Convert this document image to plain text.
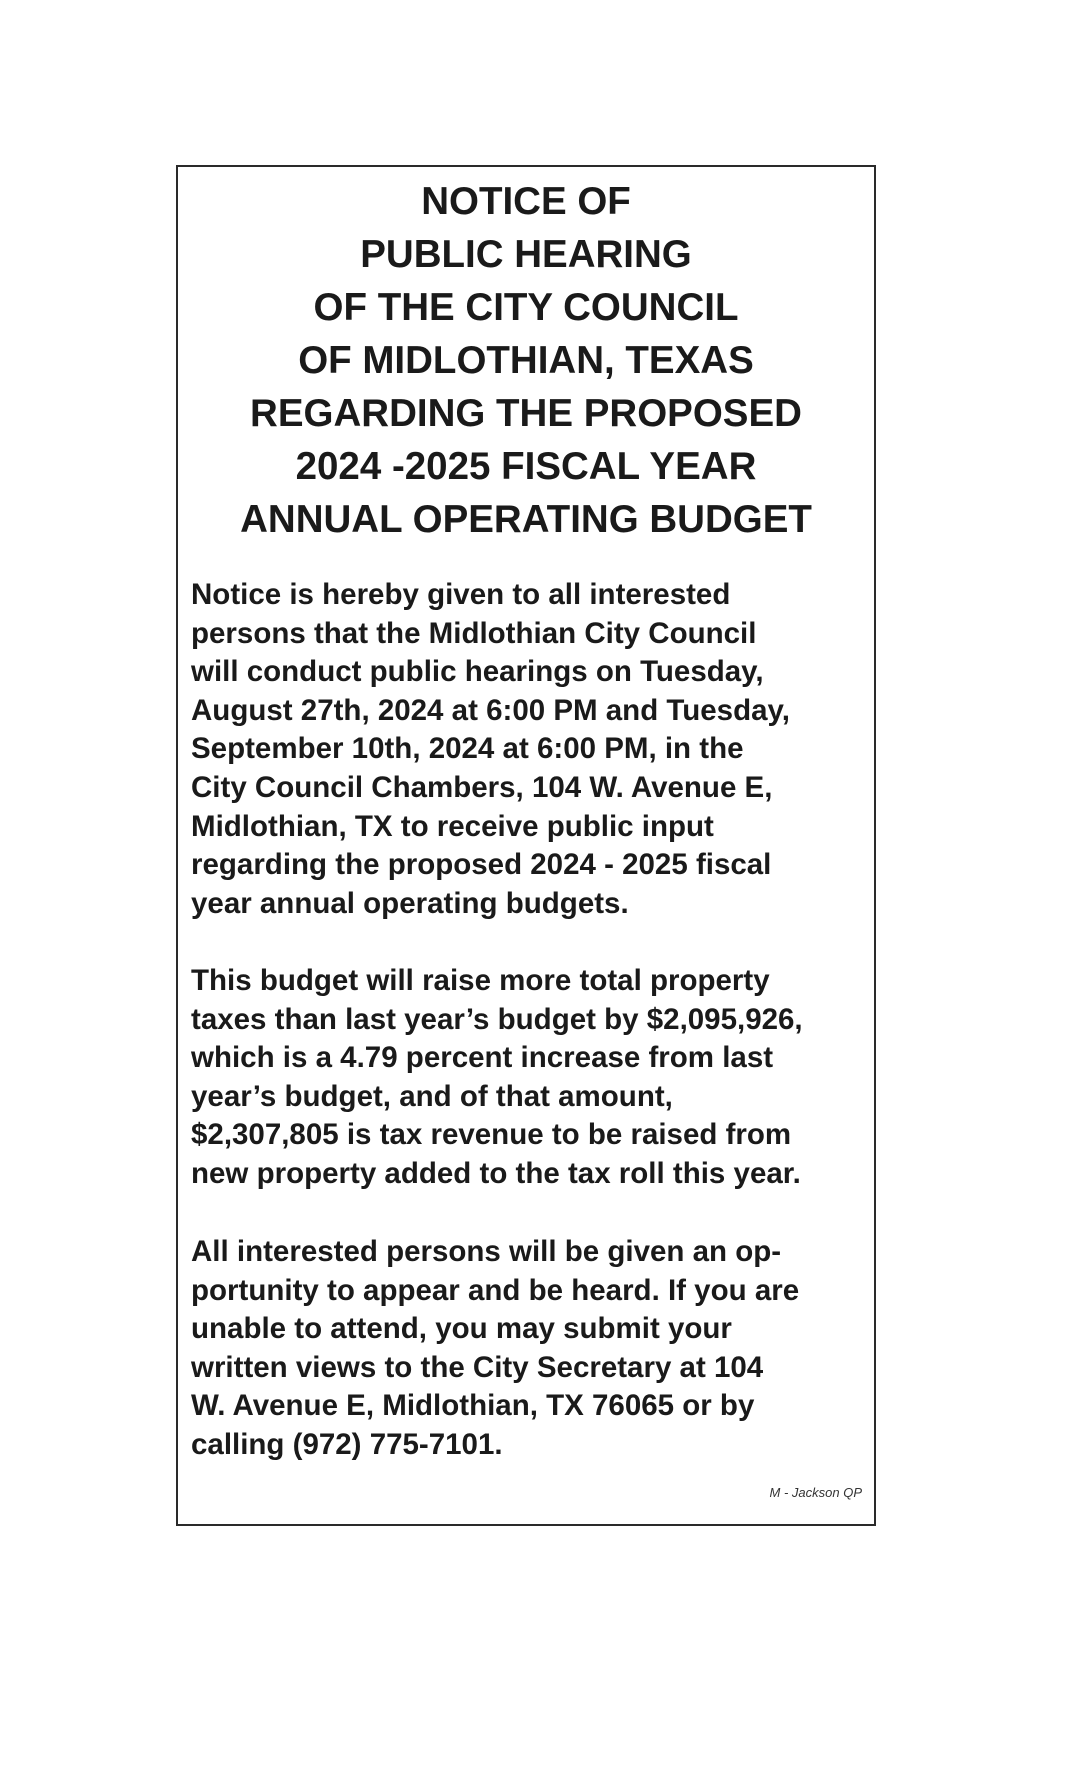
NOTICE OF
PUBLIC HEARING
OF THE CITY COUNCIL
OF MIDLOTHIAN, TEXAS
REGARDING THE PROPOSED
2024 -2025 FISCAL YEAR
ANNUAL OPERATING BUDGET

Notice is hereby given to all interested
persons that the Midlothian City Council
will conduct public hearings on Tuesday,
August 27th, 2024 at 6:00 PM and Tuesday,
September 10th, 2024 at 6:00 PM, in the
City Council Chambers, 104 W. Avenue E,
Midlothian, TX to receive public input
regarding the proposed 2024 - 2025 fiscal
year annual operating budgets.

This budget will raise more total property
taxes than last year’s budget by $2,095,926,
which is a 4.79 percent increase from last
year’s budget, and of that amount,
$2,307,805 is tax revenue to be raised from
new property added to the tax roll this year.

All interested persons will be given an op-
portunity to appear and be heard. If you are
unable to attend, you may submit your
written views to the City Secretary at 104
W. Avenue E, Midlothian, TX 76065 or by
calling (972) 775-7101.

M - Jackson QP
